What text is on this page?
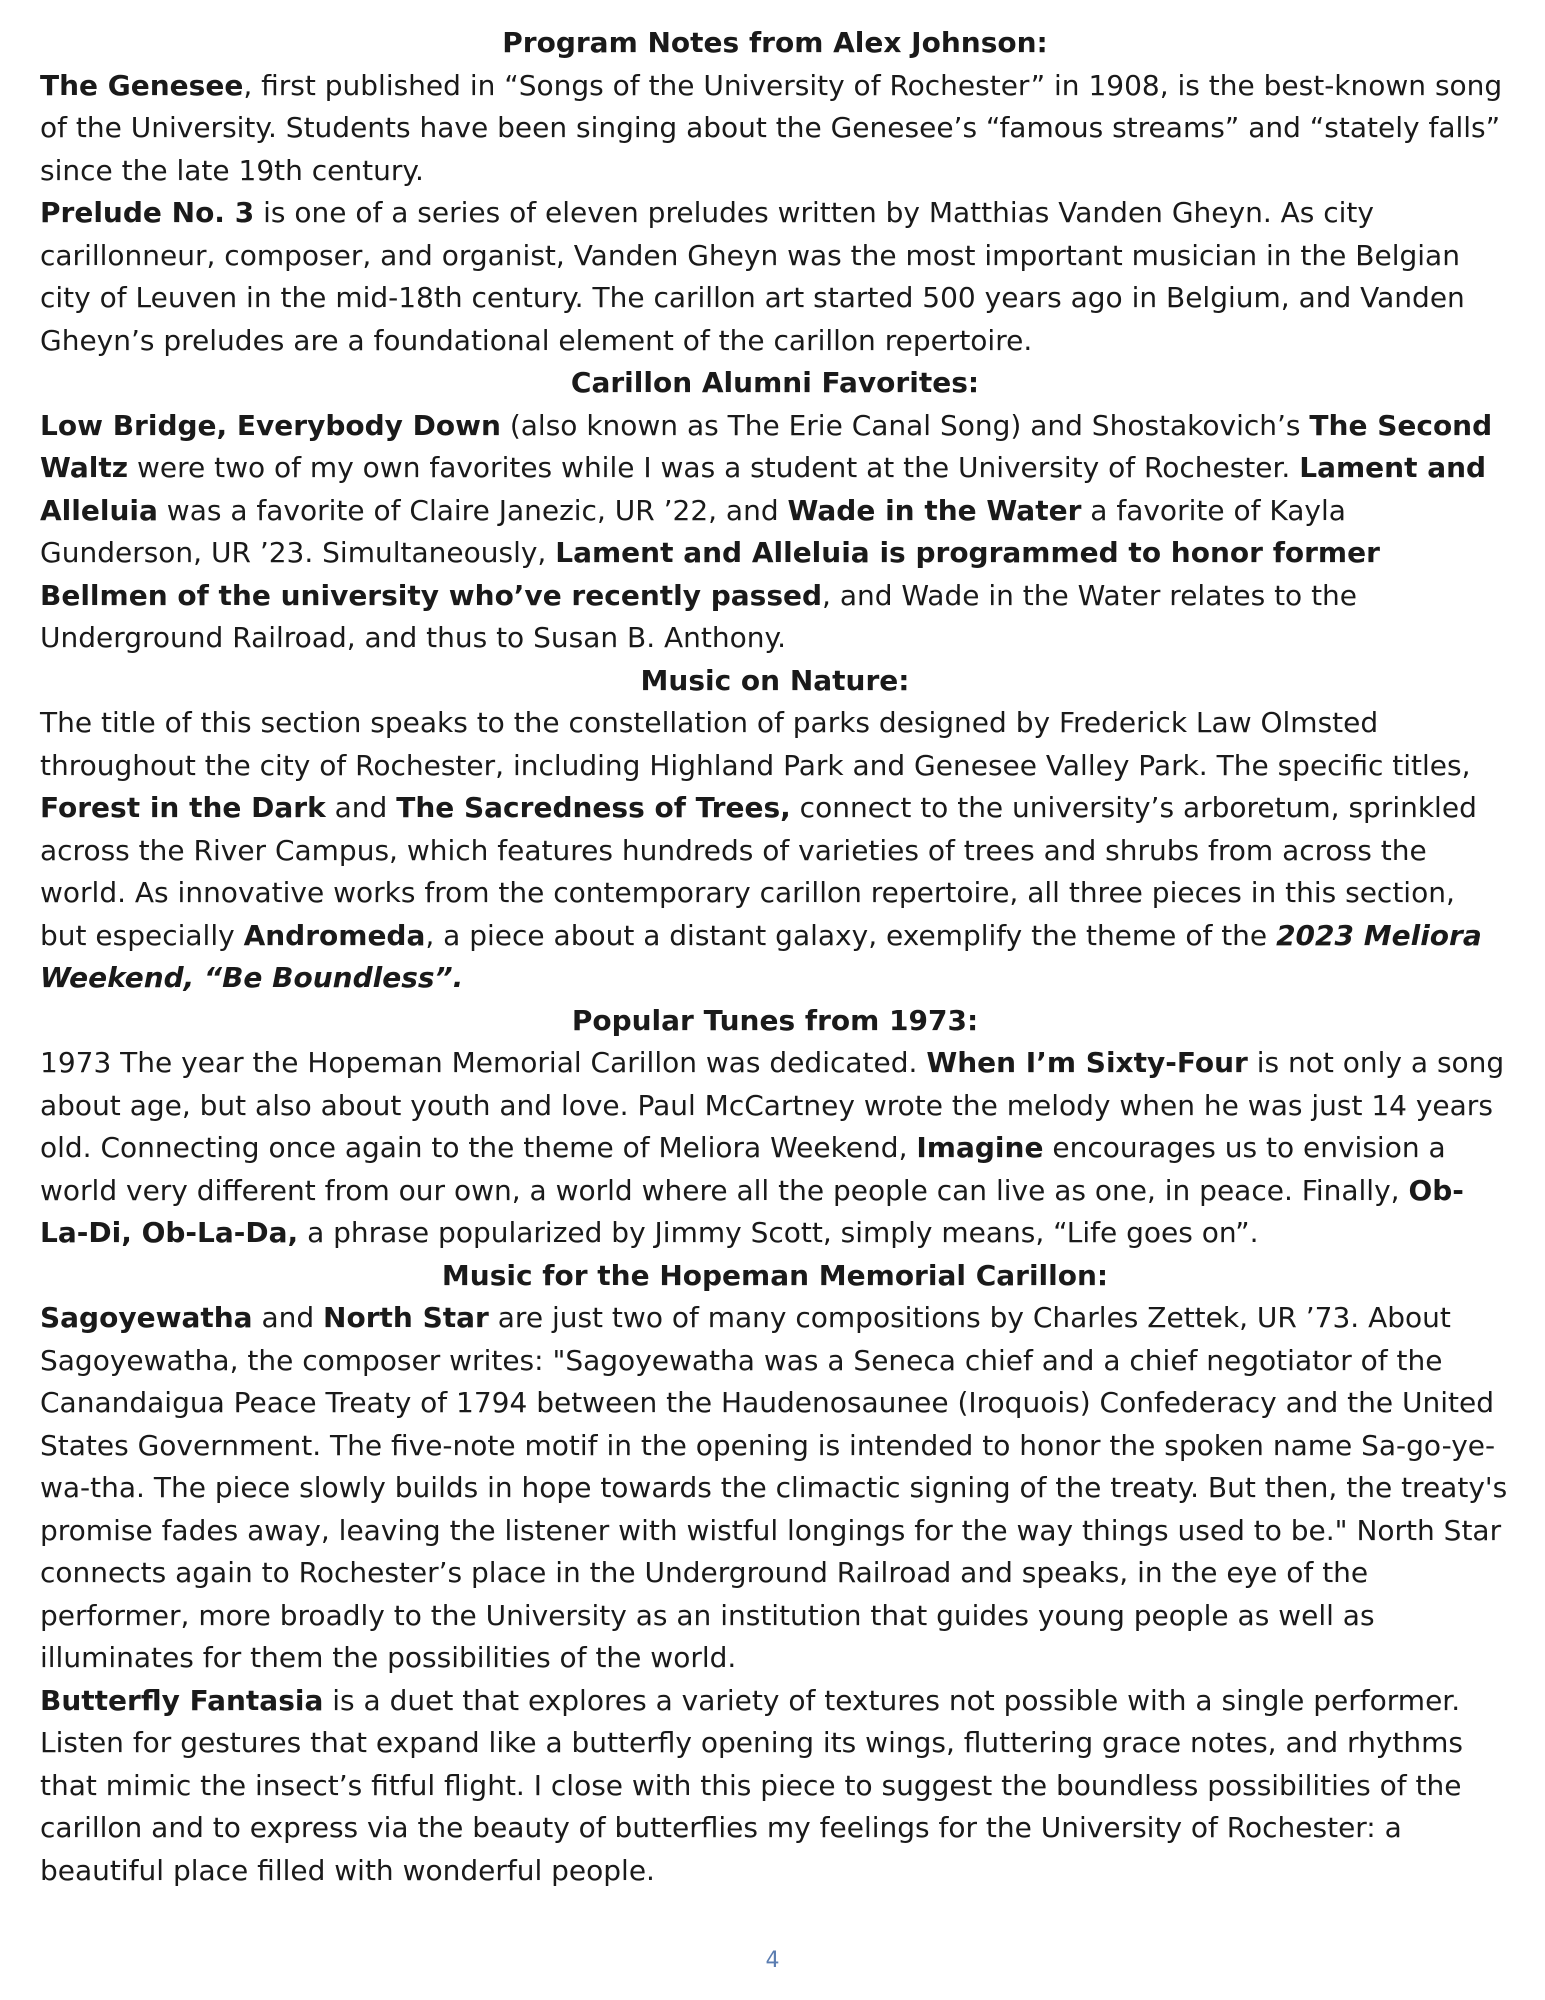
Program Notes from Alex Johnson:

The Genesee, first published in “Songs of the University of Rochester” in 1908, is the best-known song of the University. Students have been singing about the Genesee’s “famous streams” and “stately falls” since the late 19th century.

Prelude No. 3 is one of a series of eleven preludes written by Matthias Vanden Gheyn. As city carillonneur, composer, and organist, Vanden Gheyn was the most important musician in the Belgian city of Leuven in the mid-18th century. The carillon art started 500 years ago in Belgium, and Vanden Gheyn’s preludes are a foundational element of the carillon repertoire.

Carillon Alumni Favorites:

Low Bridge, Everybody Down (also known as The Erie Canal Song) and Shostakovich’s The Second Waltz were two of my own favorites while I was a student at the University of Rochester. Lament and Alleluia was a favorite of Claire Janezic, UR ’22, and Wade in the Water a favorite of Kayla Gunderson, UR ’23. Simultaneously, Lament and Alleluia is programmed to honor former Bellmen of the university who’ve recently passed, and Wade in the Water relates to the Underground Railroad, and thus to Susan B. Anthony.

Music on Nature:

The title of this section speaks to the constellation of parks designed by Frederick Law Olmsted throughout the city of Rochester, including Highland Park and Genesee Valley Park. The specific titles, Forest in the Dark and The Sacredness of Trees, connect to the university’s arboretum, sprinkled across the River Campus, which features hundreds of varieties of trees and shrubs from across the world. As innovative works from the contemporary carillon repertoire, all three pieces in this section, but especially Andromeda, a piece about a distant galaxy, exemplify the theme of the 2023 Meliora Weekend, “Be Boundless”.

Popular Tunes from 1973:

1973 The year the Hopeman Memorial Carillon was dedicated. When I’m Sixty-Four is not only a song about age, but also about youth and love. Paul McCartney wrote the melody when he was just 14 years old. Connecting once again to the theme of Meliora Weekend, Imagine encourages us to envision a world very different from our own, a world where all the people can live as one, in peace. Finally, Ob-La-Di, Ob-La-Da, a phrase popularized by Jimmy Scott, simply means, “Life goes on”.

Music for the Hopeman Memorial Carillon:

Sagoyewatha and North Star are just two of many compositions by Charles Zettek, UR ’73. About Sagoyewatha, the composer writes: "Sagoyewatha was a Seneca chief and a chief negotiator of the Canandaigua Peace Treaty of 1794 between the Haudenosaunee (Iroquois) Confederacy and the United States Government. The five-note motif in the opening is intended to honor the spoken name Sa-go-ye-wa-tha. The piece slowly builds in hope towards the climactic signing of the treaty. But then, the treaty's promise fades away, leaving the listener with wistful longings for the way things used to be." North Star connects again to Rochester’s place in the Underground Railroad and speaks, in the eye of the performer, more broadly to the University as an institution that guides young people as well as illuminates for them the possibilities of the world.

Butterfly Fantasia is a duet that explores a variety of textures not possible with a single performer. Listen for gestures that expand like a butterfly opening its wings, fluttering grace notes, and rhythms that mimic the insect’s fitful flight. I close with this piece to suggest the boundless possibilities of the carillon and to express via the beauty of butterflies my feelings for the University of Rochester: a beautiful place filled with wonderful people.

4
